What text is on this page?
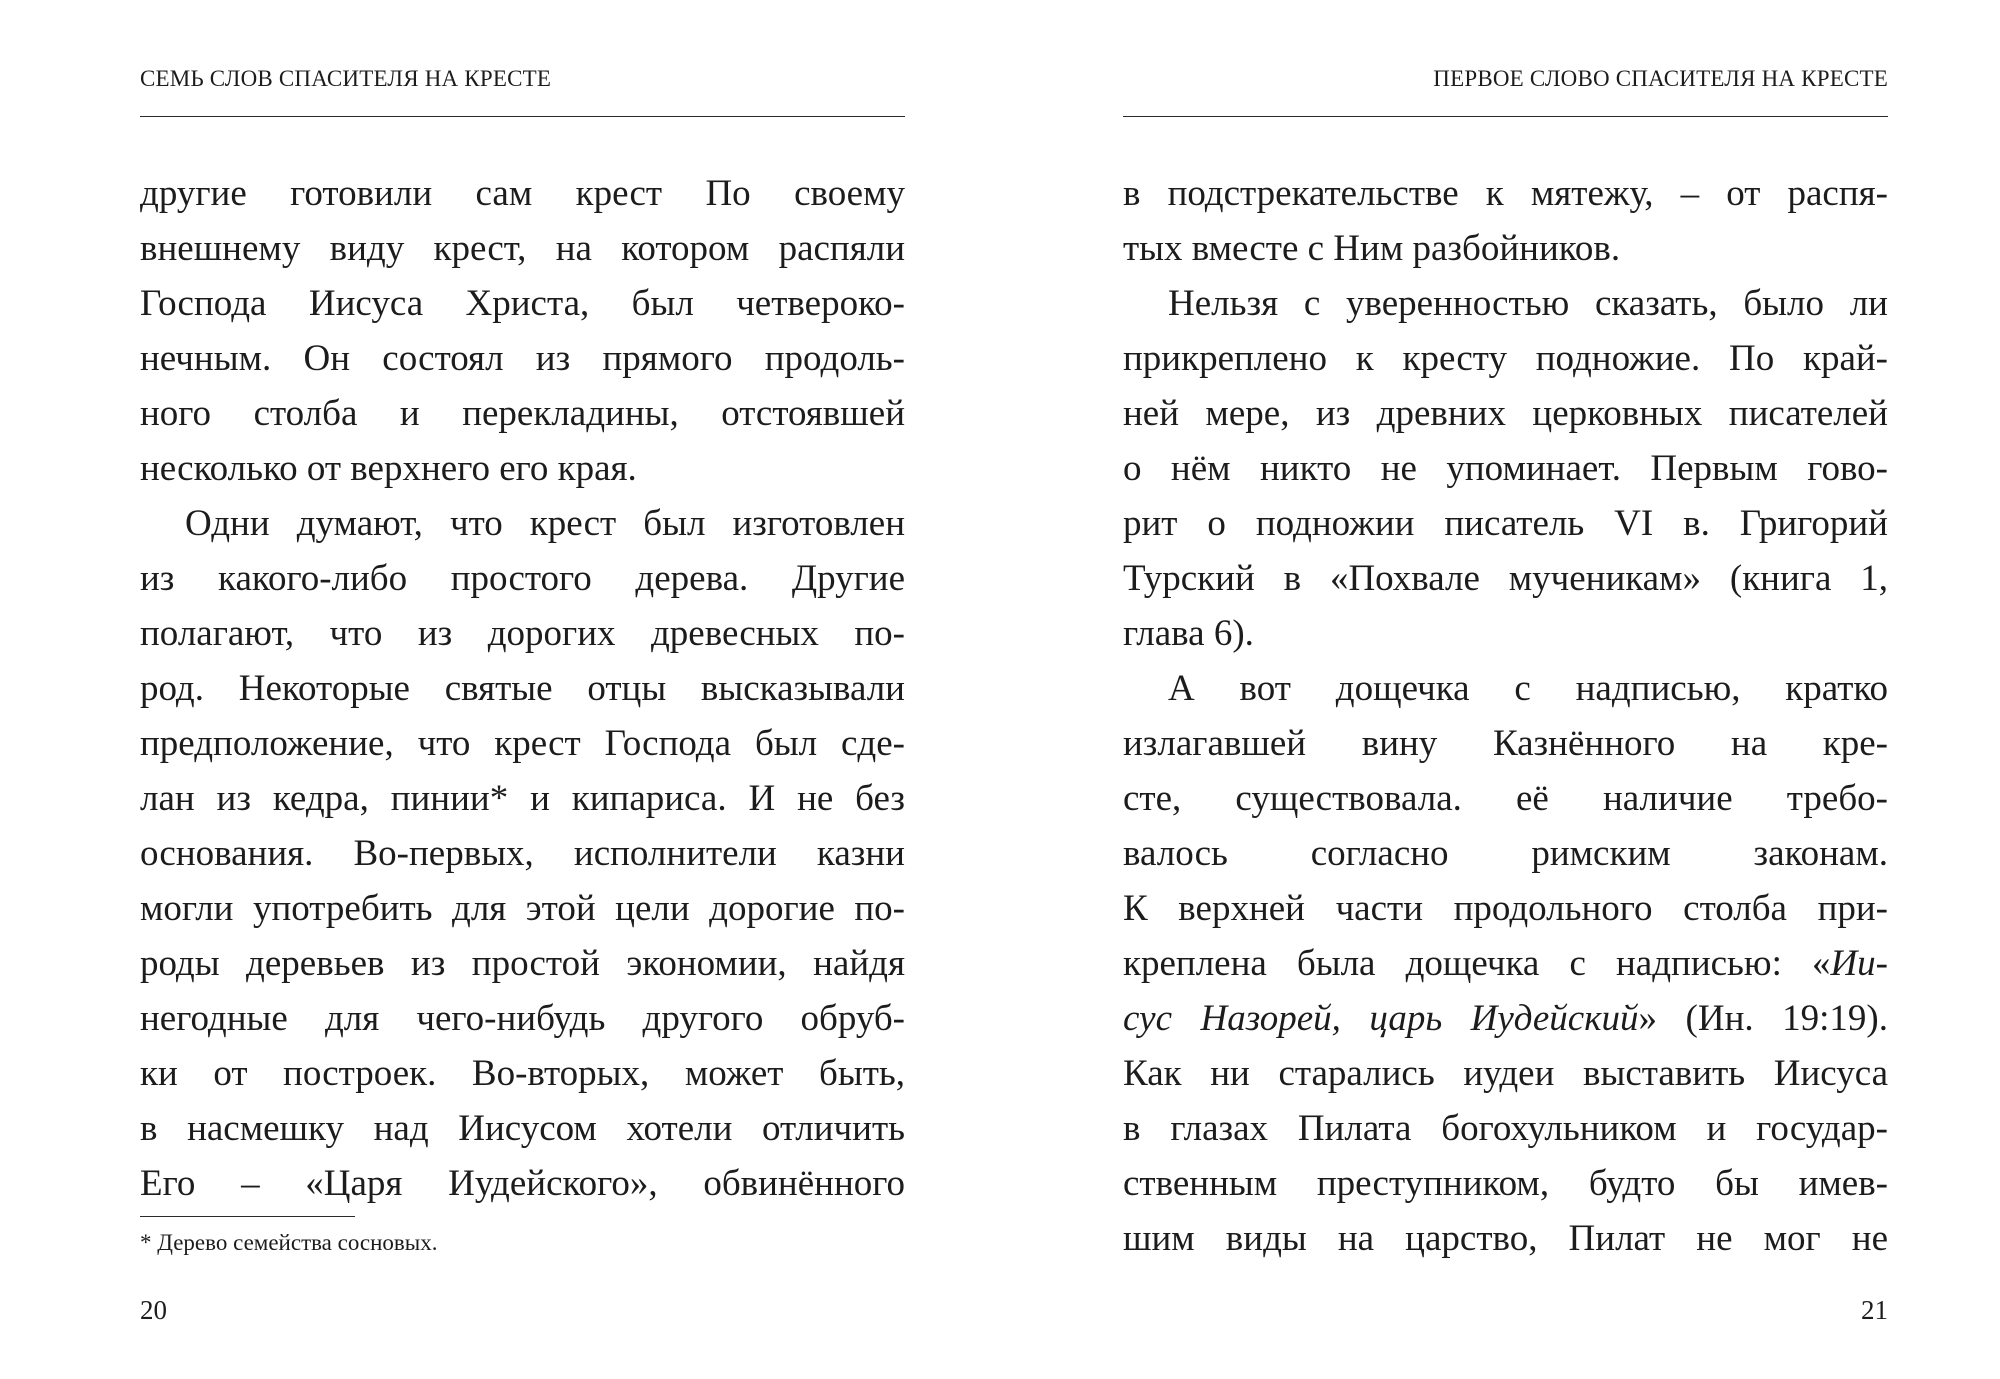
СЕМЬ СЛОВ СПАСИТЕЛЯ НА КРЕСТЕ
другие готовили сам крест По своему
внешнему виду крест, на котором распяли
Господа Иисуса Христа, был четвероко-
нечным. Он состоял из прямого продоль-
ного столба и перекладины, отстоявшей
несколько от верхнего его края.
Одни думают, что крест был изготовлен
из какого-либо простого дерева. Другие
полагают, что из дорогих древесных по-
род. Некоторые святые отцы высказывали
предположение, что крест Господа был сде-
лан из кедра, пинии* и кипариса. И не без
основания. Во-первых, исполнители казни
могли употребить для этой цели дорогие по-
роды деревьев из простой экономии, найдя
негодные для чего-нибудь другого обруб-
ки от построек. Во-вторых, может быть,
в насмешку над Иисусом хотели отличить
Его – «Царя Иудейского», обвинённого
* Дерево семейства сосновых.
20
ПЕРВОЕ СЛОВО СПАСИТЕЛЯ НА КРЕСТЕ
в подстрекательстве к мятежу, – от распя-
тых вместе с Ним разбойников.
Нельзя с уверенностью сказать, было ли
прикреплено к кресту подножие. По край-
ней мере, из древних церковных писателей
о нём никто не упоминает. Первым гово-
рит о подножии писатель VI в. Григорий
Турский в «Похвале мученикам» (книга 1,
глава 6).
А вот дощечка с надписью, кратко
излагавшей вину Казнённого на кре-
сте, существовала. её наличие требо-
валось согласно римским законам.
К верхней части продольного столба при-
креплена была дощечка с надписью: «Ии-
сус Назорей, царь Иудейский» (Ин. 19:19).
Как ни старались иудеи выставить Иисуса
в глазах Пилата богохульником и государ-
ственным преступником, будто бы имев-
шим виды на царство, Пилат не мог не
21
